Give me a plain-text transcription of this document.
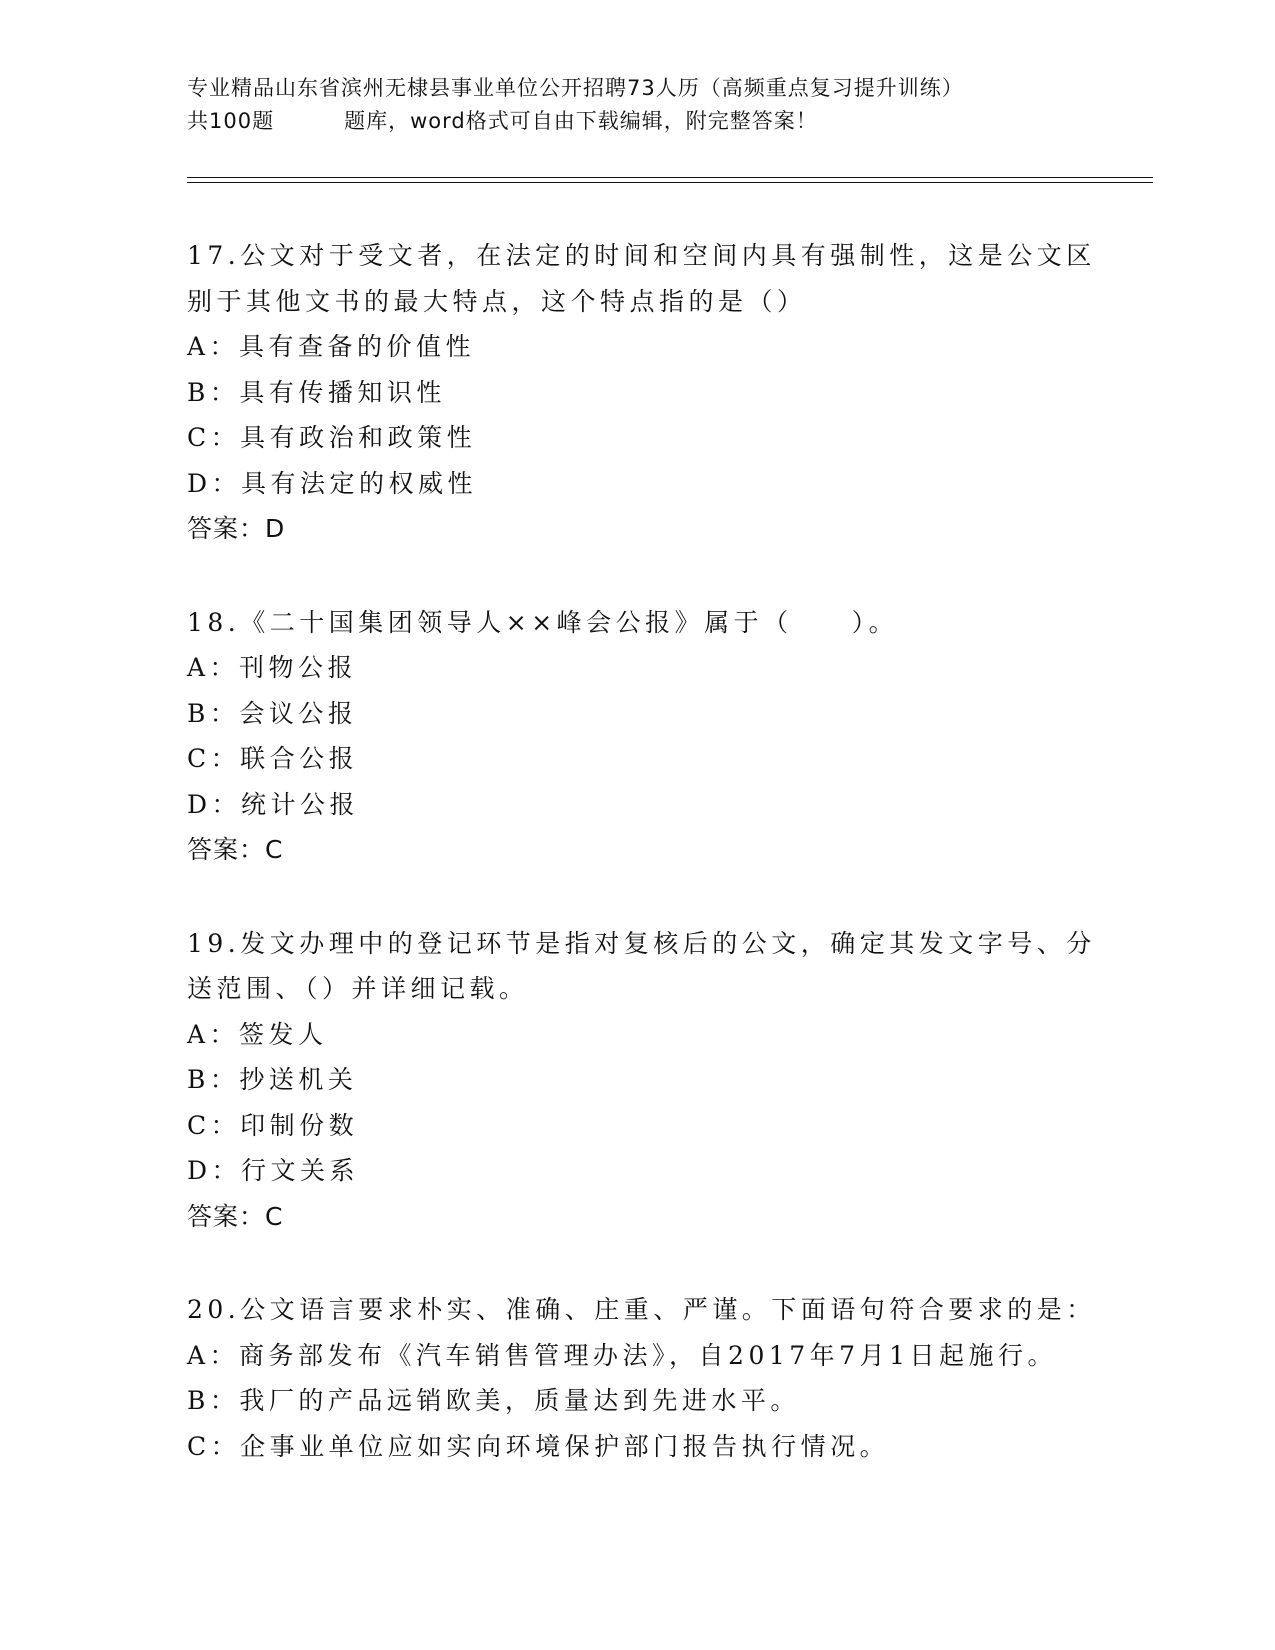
专业精品山东省滨州无棣县事业单位公开招聘73人历（高频重点复习提升训练）
共100题	题库，word格式可自由下载编辑，附完整答案！
17.公文对于受文者，在法定的时间和空间内具有强制性，这是公文区
别于其他文书的最大特点，这个特点指的是（）
A：具有查备的价值性
B：具有传播知识性
C：具有政治和政策性
D：具有法定的权威性
答案：D
18.《二十国集团领导人××峰会公报》属于（　　）。
A：刊物公报
B：会议公报
C：联合公报
D：统计公报
答案：C
19.发文办理中的登记环节是指对复核后的公文，确定其发文字号、分
送范围、（）并详细记载。
A：签发人
B：抄送机关
C：印制份数
D：行文关系
答案：C
20.公文语言要求朴实、准确、庄重、严谨。下面语句符合要求的是：
A：商务部发布《汽车销售管理办法》，自2017年7月1日起施行。
B：我厂的产品远销欧美，质量达到先进水平。
C：企事业单位应如实向环境保护部门报告执行情况。
